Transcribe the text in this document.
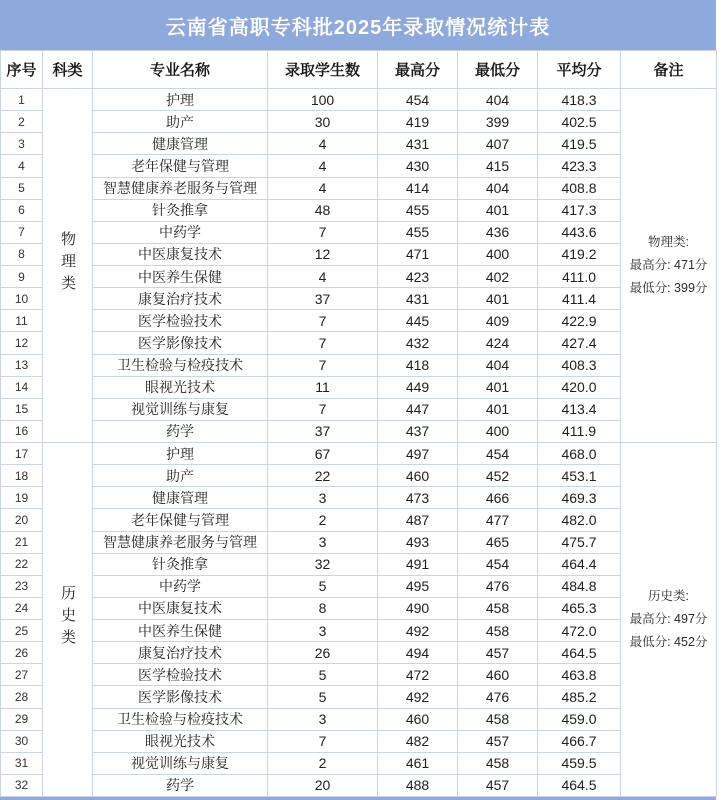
云南省高职专科批2025年录取情况统计表
序号	科类	专业名称	录取学生数	最高分	最低分	平均分	备注
1	物理类	护理	100	454	404	418.3	物理类:
最高分: 471分
最低分: 399分

2		助产	30	419	399	402.5	
3		健康管理	4	431	407	419.5	
4		老年保健与管理	4	430	415	423.3	
5		智慧健康养老服务与管理	4	414	404	408.8	
6		针灸推拿	48	455	401	417.3	
7		中药学	7	455	436	443.6	
8		中医康复技术	12	471	400	419.2	
9		中医养生保健	4	423	402	411.0	
10		康复治疗技术	37	431	401	411.4	
11		医学检验技术	7	445	409	422.9	
12		医学影像技术	7	432	424	427.4	
13		卫生检验与检疫技术	7	418	404	408.3	
14		眼视光技术	11	449	401	420.0	
15		视觉训练与康复	7	447	401	413.4	
16		药学	37	437	400	411.9	
17	历史类	护理	67	497	454	468.0	历史类:
最高分: 497分
最低分: 452分

18		助产	22	460	452	453.1	
19		健康管理	3	473	466	469.3	
20		老年保健与管理	2	487	477	482.0	
21		智慧健康养老服务与管理	3	493	465	475.7	
22		针灸推拿	32	491	454	464.4	
23		中药学	5	495	476	484.8	
24		中医康复技术	8	490	458	465.3	
25		中医养生保健	3	492	458	472.0	
26		康复治疗技术	26	494	457	464.5	
27		医学检验技术	5	472	460	463.8	
28		医学影像技术	5	492	476	485.2	
29		卫生检验与检疫技术	3	460	458	459.0	
30		眼视光技术	7	482	457	466.7	
31		视觉训练与康复	2	461	458	459.5	
32		药学	20	488	457	464.5	
